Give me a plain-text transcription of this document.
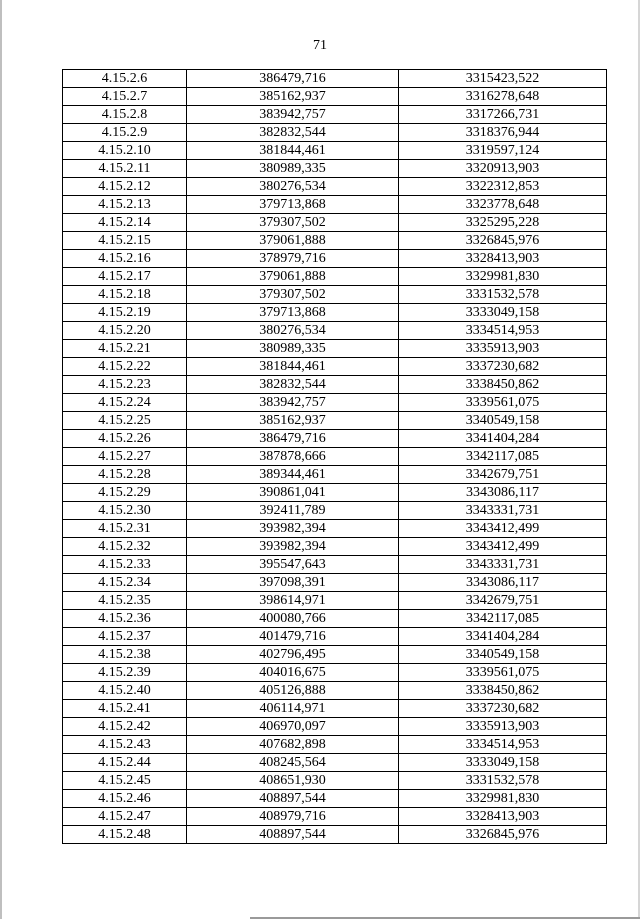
71
4.15.2.6	386479,716	3315423,522
4.15.2.7	385162,937	3316278,648
4.15.2.8	383942,757	3317266,731
4.15.2.9	382832,544	3318376,944
4.15.2.10	381844,461	3319597,124
4.15.2.11	380989,335	3320913,903
4.15.2.12	380276,534	3322312,853
4.15.2.13	379713,868	3323778,648
4.15.2.14	379307,502	3325295,228
4.15.2.15	379061,888	3326845,976
4.15.2.16	378979,716	3328413,903
4.15.2.17	379061,888	3329981,830
4.15.2.18	379307,502	3331532,578
4.15.2.19	379713,868	3333049,158
4.15.2.20	380276,534	3334514,953
4.15.2.21	380989,335	3335913,903
4.15.2.22	381844,461	3337230,682
4.15.2.23	382832,544	3338450,862
4.15.2.24	383942,757	3339561,075
4.15.2.25	385162,937	3340549,158
4.15.2.26	386479,716	3341404,284
4.15.2.27	387878,666	3342117,085
4.15.2.28	389344,461	3342679,751
4.15.2.29	390861,041	3343086,117
4.15.2.30	392411,789	3343331,731
4.15.2.31	393982,394	3343412,499
4.15.2.32	393982,394	3343412,499
4.15.2.33	395547,643	3343331,731
4.15.2.34	397098,391	3343086,117
4.15.2.35	398614,971	3342679,751
4.15.2.36	400080,766	3342117,085
4.15.2.37	401479,716	3341404,284
4.15.2.38	402796,495	3340549,158
4.15.2.39	404016,675	3339561,075
4.15.2.40	405126,888	3338450,862
4.15.2.41	406114,971	3337230,682
4.15.2.42	406970,097	3335913,903
4.15.2.43	407682,898	3334514,953
4.15.2.44	408245,564	3333049,158
4.15.2.45	408651,930	3331532,578
4.15.2.46	408897,544	3329981,830
4.15.2.47	408979,716	3328413,903
4.15.2.48	408897,544	3326845,976
